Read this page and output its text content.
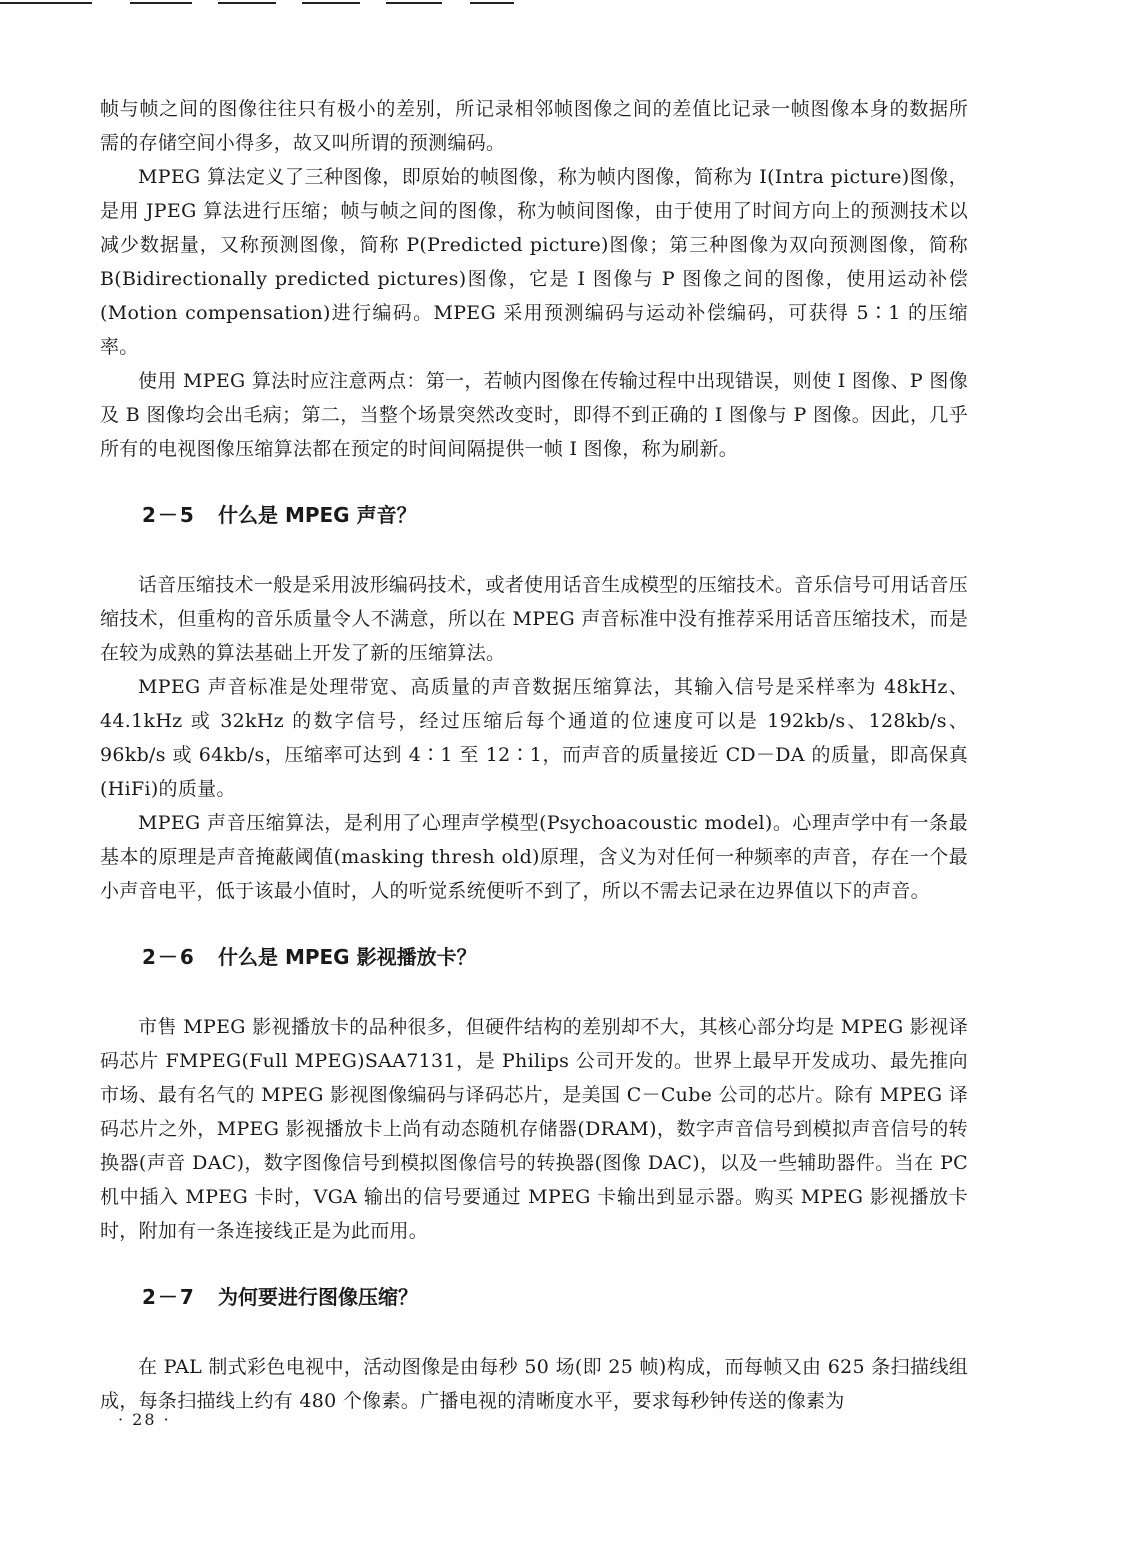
帧与帧之间的图像往往只有极小的差别，所记录相邻帧图像之间的差值比记录一帧图像本身的数据所需的存储空间小得多，故又叫所谓的预测编码。

MPEG 算法定义了三种图像，即原始的帧图像，称为帧内图像，简称为 I(Intra picture)图像，是用 JPEG 算法进行压缩；帧与帧之间的图像，称为帧间图像，由于使用了时间方向上的预测技术以减少数据量，又称预测图像，简称 P(Predicted picture)图像；第三种图像为双向预测图像，简称 B(Bidirectionally predicted pictures)图像，它是 I 图像与 P 图像之间的图像，使用运动补偿(Motion compensation)进行编码。MPEG 采用预测编码与运动补偿编码，可获得 5∶1 的压缩率。

使用 MPEG 算法时应注意两点：第一，若帧内图像在传输过程中出现错误，则使 I 图像、P 图像及 B 图像均会出毛病；第二，当整个场景突然改变时，即得不到正确的 I 图像与 P 图像。因此，几乎所有的电视图像压缩算法都在预定的时间间隔提供一帧 I 图像，称为刷新。

2－5 什么是 MPEG 声音？

话音压缩技术一般是采用波形编码技术，或者使用话音生成模型的压缩技术。音乐信号可用话音压缩技术，但重构的音乐质量令人不满意，所以在 MPEG 声音标准中没有推荐采用话音压缩技术，而是在较为成熟的算法基础上开发了新的压缩算法。

MPEG 声音标准是处理带宽、高质量的声音数据压缩算法，其输入信号是采样率为 48kHz、44.1kHz 或 32kHz 的数字信号，经过压缩后每个通道的位速度可以是 192kb/s、128kb/s、96kb/s 或 64kb/s，压缩率可达到 4∶1 至 12∶1，而声音的质量接近 CD－DA 的质量，即高保真(HiFi)的质量。

MPEG 声音压缩算法，是利用了心理声学模型(Psychoacoustic model)。心理声学中有一条最基本的原理是声音掩蔽阈值(masking thresh old)原理，含义为对任何一种频率的声音，存在一个最小声音电平，低于该最小值时，人的听觉系统便听不到了，所以不需去记录在边界值以下的声音。

2－6 什么是 MPEG 影视播放卡？

市售 MPEG 影视播放卡的品种很多，但硬件结构的差别却不大，其核心部分均是 MPEG 影视译码芯片 FMPEG(Full MPEG)SAA7131，是 Philips 公司开发的。世界上最早开发成功、最先推向市场、最有名气的 MPEG 影视图像编码与译码芯片，是美国 C－Cube 公司的芯片。除有 MPEG 译码芯片之外，MPEG 影视播放卡上尚有动态随机存储器(DRAM)，数字声音信号到模拟声音信号的转换器(声音 DAC)，数字图像信号到模拟图像信号的转换器(图像 DAC)，以及一些辅助器件。当在 PC 机中插入 MPEG 卡时，VGA 输出的信号要通过 MPEG 卡输出到显示器。购买 MPEG 影视播放卡时，附加有一条连接线正是为此而用。

2－7 为何要进行图像压缩？

在 PAL 制式彩色电视中，活动图像是由每秒 50 场(即 25 帧)构成，而每帧又由 625 条扫描线组成，每条扫描线上约有 480 个像素。广播电视的清晰度水平，要求每秒钟传送的像素为

· 28 ·
